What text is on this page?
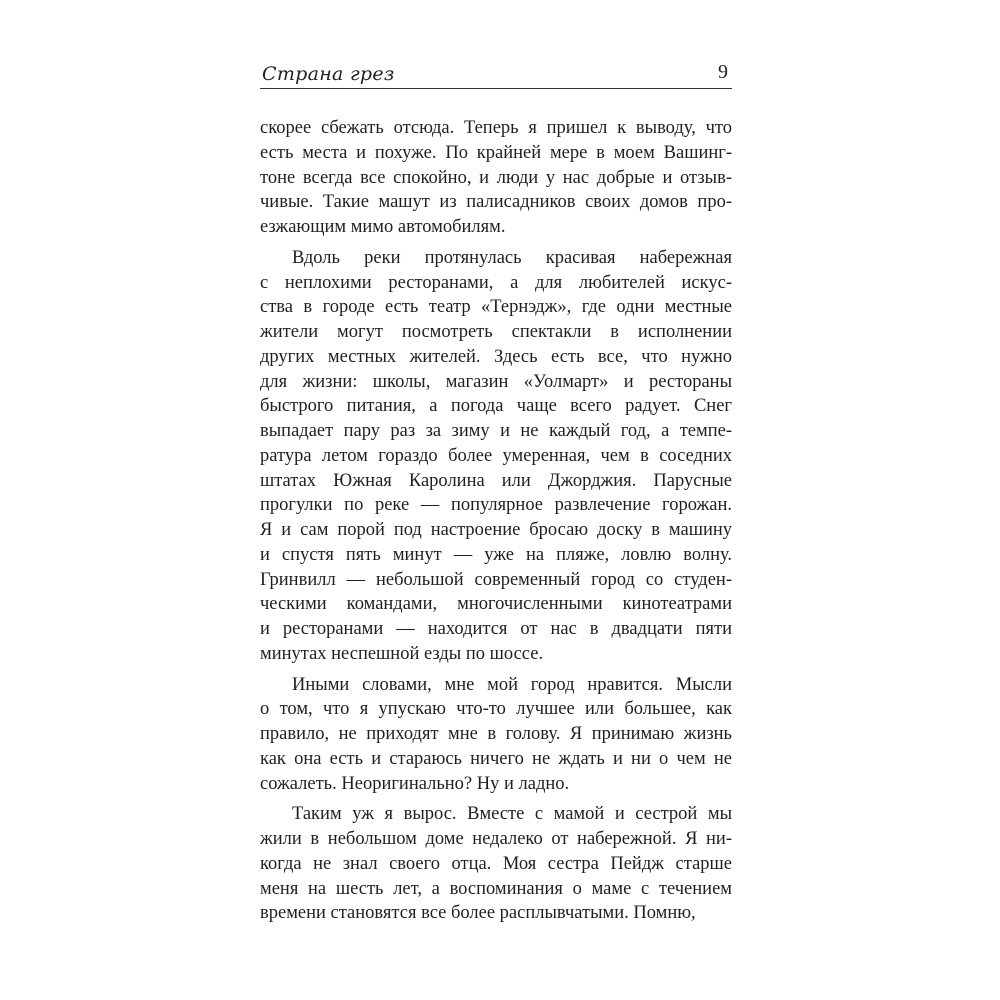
Страна грез	9
скорее сбежать отсюда. Теперь я пришел к выводу, что
есть места и похуже. По крайней мере в моем Вашинг-
тоне всегда все спокойно, и люди у нас добрые и отзыв-
чивые. Такие машут из палисадников своих домов про-
езжающим мимо автомобилям.
Вдоль реки протянулась красивая набережная
с неплохими ресторанами, а для любителей искус-
ства в городе есть театр «Тернэдж», где одни местные
жители могут посмотреть спектакли в исполнении
других местных жителей. Здесь есть все, что нужно
для жизни: школы, магазин «Уолмарт» и рестораны
быстрого питания, а погода чаще всего радует. Снег
выпадает пару раз за зиму и не каждый год, а темпе-
ратура летом гораздо более умеренная, чем в соседних
штатах Южная Каролина или Джорджия. Парусные
прогулки по реке — популярное развлечение горожан.
Я и сам порой под настроение бросаю доску в машину
и спустя пять минут — уже на пляже, ловлю волну.
Гринвилл — небольшой современный город со студен-
ческими командами, многочисленными кинотеатрами
и ресторанами — находится от нас в двадцати пяти
минутах неспешной езды по шоссе.
Иными словами, мне мой город нравится. Мысли
о том, что я упускаю что-то лучшее или большее, как
правило, не приходят мне в голову. Я принимаю жизнь
как она есть и стараюсь ничего не ждать и ни о чем не
сожалеть. Неоригинально? Ну и ладно.
Таким уж я вырос. Вместе с мамой и сестрой мы
жили в небольшом доме недалеко от набережной. Я ни-
когда не знал своего отца. Моя сестра Пейдж старше
меня на шесть лет, а воспоминания о маме с течением
времени становятся все более расплывчатыми. Помню,
